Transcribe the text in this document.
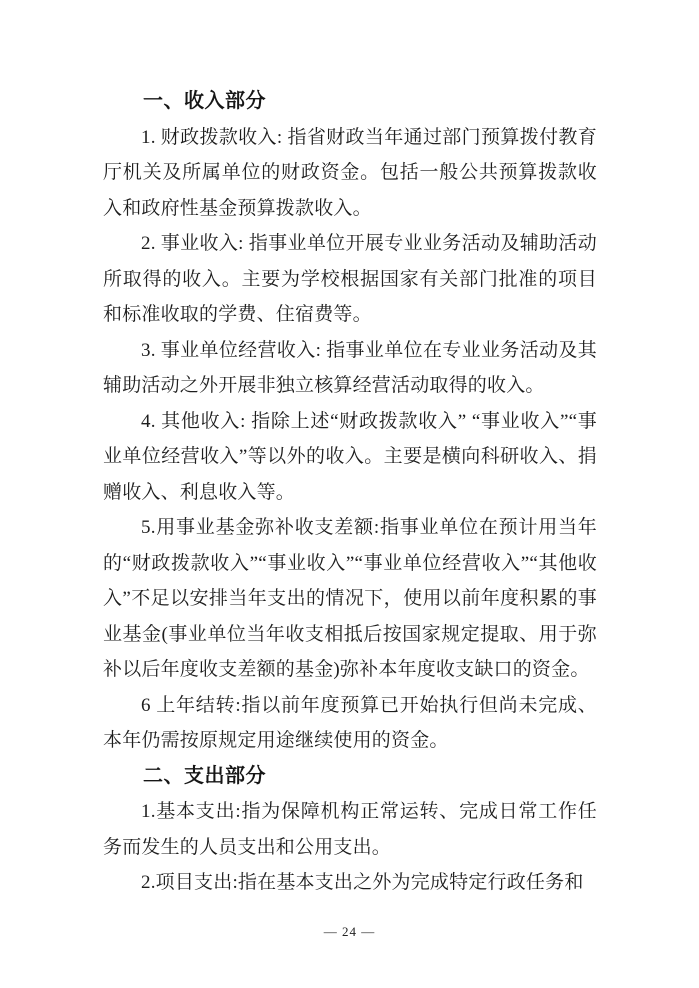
一、收入部分

1. 财政拨款收入: 指省财政当年通过部门预算拨付教育厅机关及所属单位的财政资金。包括一般公共预算拨款收入和政府性基金预算拨款收入。

2. 事业收入: 指事业单位开展专业业务活动及辅助活动所取得的收入。主要为学校根据国家有关部门批准的项目和标准收取的学费、住宿费等。

3. 事业单位经营收入: 指事业单位在专业业务活动及其辅助活动之外开展非独立核算经营活动取得的收入。

4. 其他收入: 指除上述“财政拨款收入” “事业收入”“事业单位经营收入”等以外的收入。主要是横向科研收入、捐赠收入、利息收入等。

5.用事业基金弥补收支差额:指事业单位在预计用当年的“财政拨款收入”“事业收入”“事业单位经营收入”“其他收入”不足以安排当年支出的情况下，使用以前年度积累的事业基金(事业单位当年收支相抵后按国家规定提取、用于弥补以后年度收支差额的基金)弥补本年度收支缺口的资金。

6 上年结转:指以前年度预算已开始执行但尚未完成、本年仍需按原规定用途继续使用的资金。

二、支出部分

1.基本支出:指为保障机构正常运转、完成日常工作任务而发生的人员支出和公用支出。

2.项目支出:指在基本支出之外为完成特定行政任务和

— 24 —
